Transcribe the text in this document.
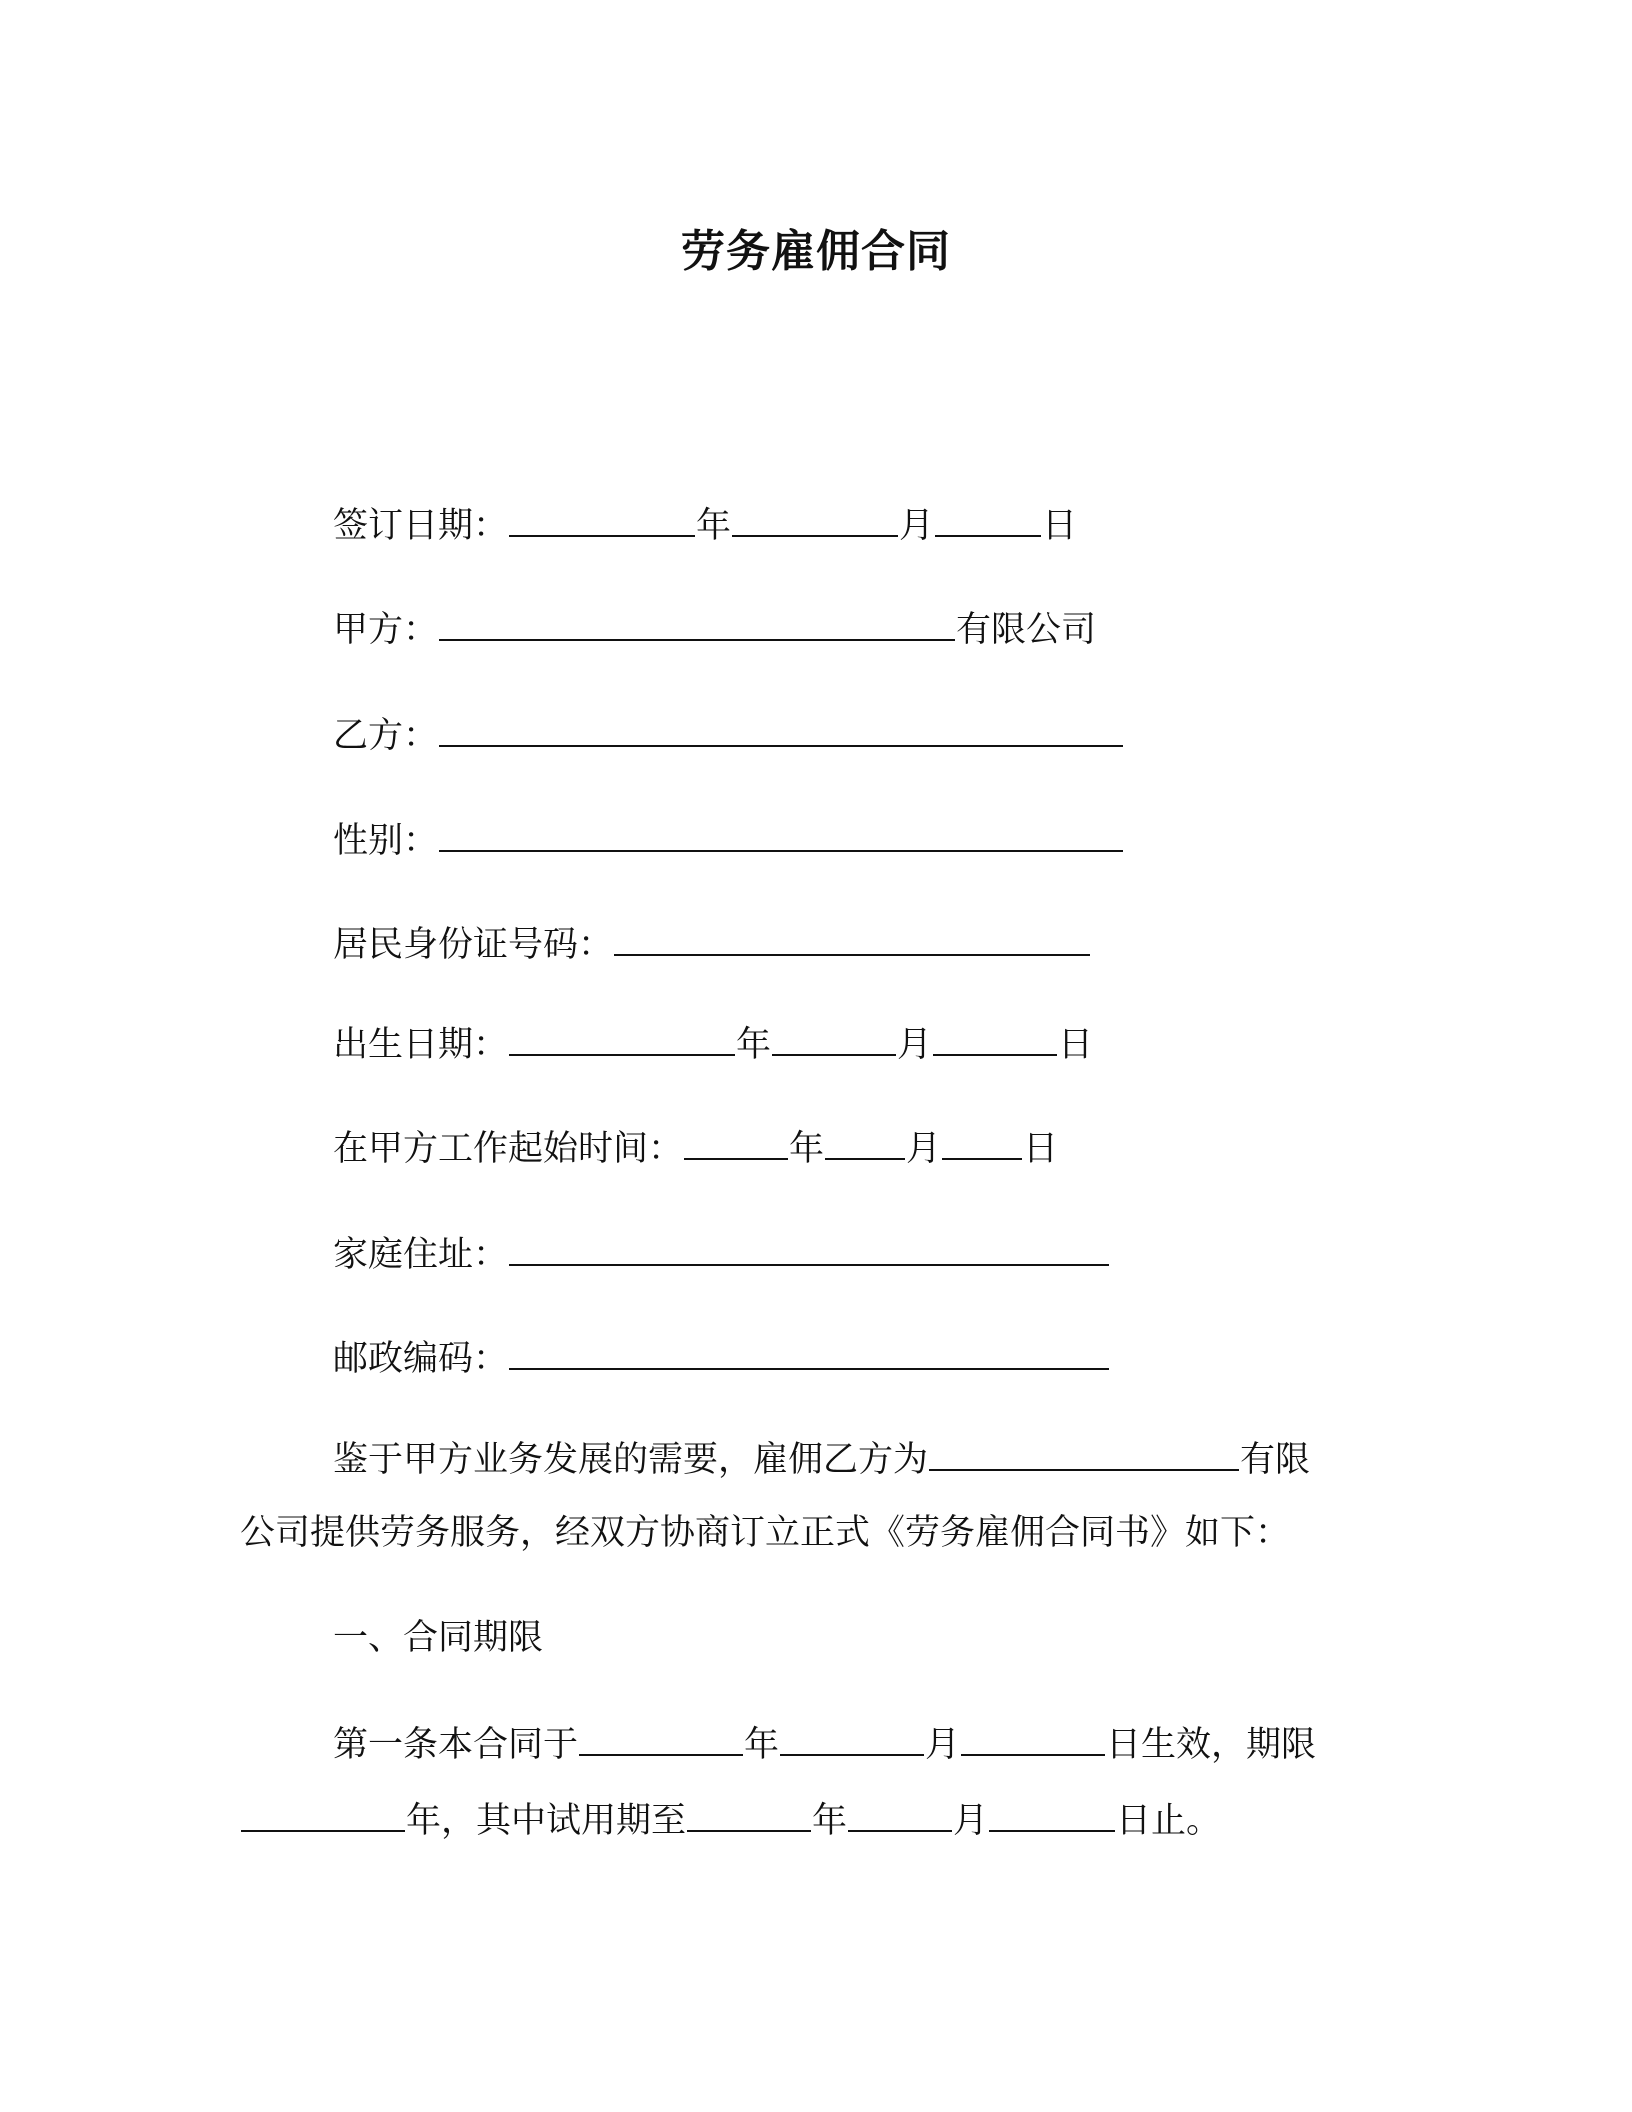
劳务雇佣合同
签订日期：	年	月	日
甲方：	有限公司
乙方：
性别：
居民身份证号码：
出生日期：	年	月	日
在甲方工作起始时间：	年 月 日
家庭住址：
邮政编码：
鉴于甲方业务发展的需要，雇佣乙方为	有限
公司提供劳务服务，经双方协商订立正式《劳务雇佣合同书》如下：
一、合同期限
第一条本合同于	年	月	日生效，期限
年，其中试用期至	年	月	日止。
